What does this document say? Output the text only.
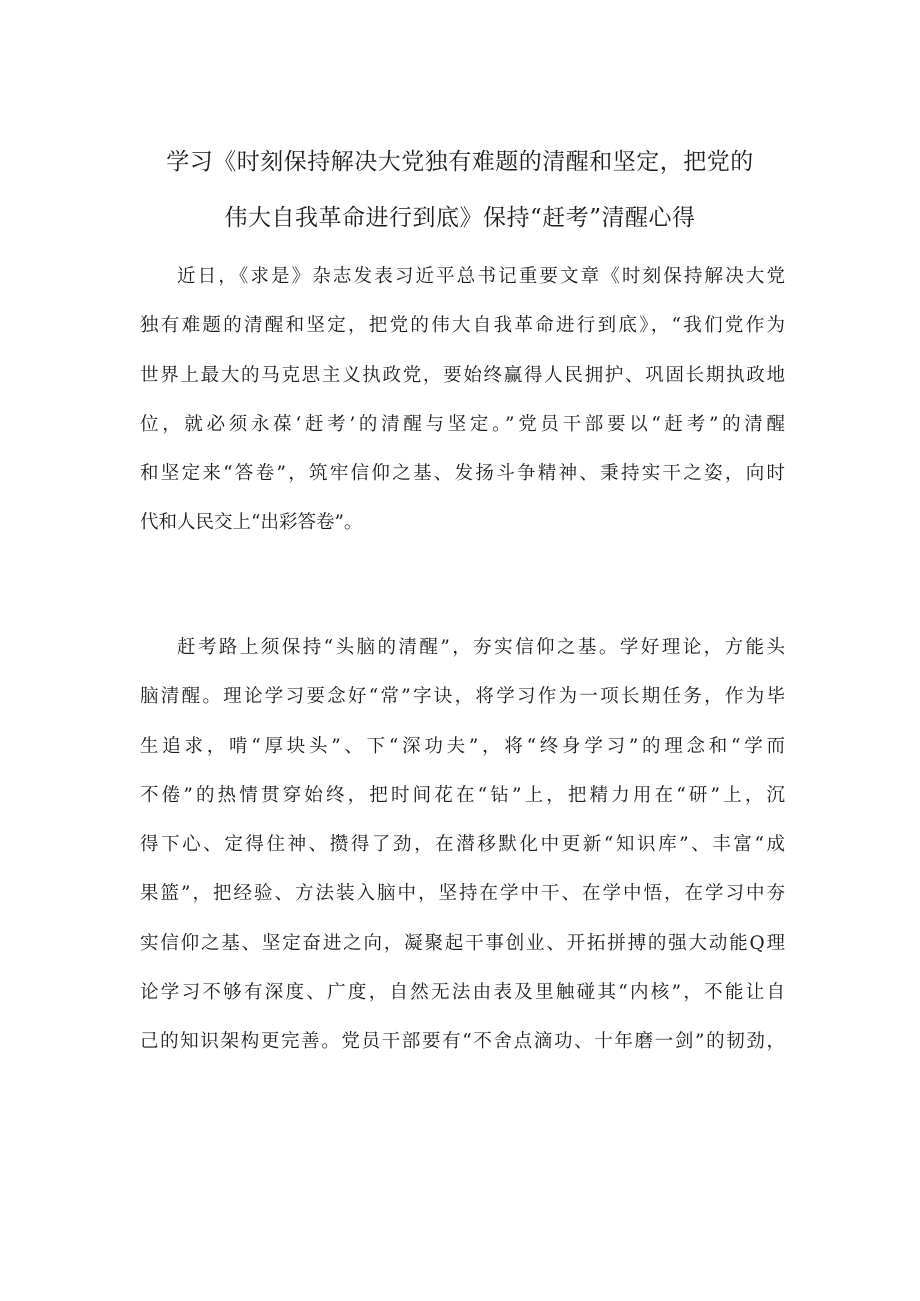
学习《时刻保持解决大党独有难题的清醒和坚定，把党的
伟大自我革命进行到底》保持“赶考”清醒心得
近日，《求是》杂志发表习近平总书记重要文章《时刻保持解决大党
独有难题的清醒和坚定，把党的伟大自我革命进行到底》，“我们党作为
世界上最大的马克思主义执政党，要始终赢得人民拥护、巩固长期执政地
位，就必须永葆‘赶考’的清醒与坚定。”党员干部要以“赶考”的清醒
和坚定来“答卷”，筑牢信仰之基、发扬斗争精神、秉持实干之姿，向时
代和人民交上“出彩答卷”。
赶考路上须保持“头脑的清醒”，夯实信仰之基。学好理论，方能头
脑清醒。理论学习要念好“常”字诀，将学习作为一项长期任务，作为毕
生追求，啃“厚块头”、下“深功夫”，将“终身学习”的理念和“学而
不倦”的热情贯穿始终，把时间花在“钻”上，把精力用在“研”上，沉
得下心、定得住神、攒得了劲，在潜移默化中更新“知识库”、丰富“成
果篮”，把经验、方法装入脑中，坚持在学中干、在学中悟，在学习中夯
实信仰之基、坚定奋进之向，凝聚起干事创业、开拓拼搏的强大动能Q理
论学习不够有深度、广度，自然无法由表及里触碰其“内核”，不能让自
己的知识架构更完善。党员干部要有“不舍点滴功、十年磨一剑”的韧劲，
